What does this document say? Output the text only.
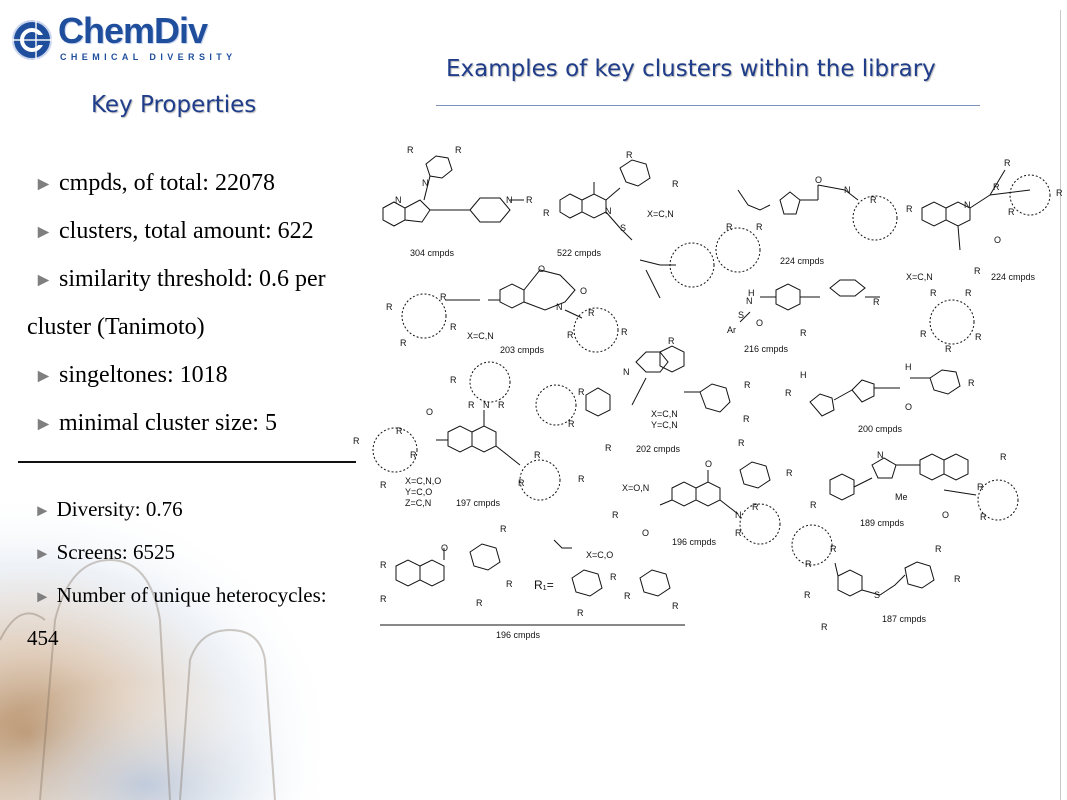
ChemDiv
CHEMICAL DIVERSITY
Key Properties
Examples of key clusters within the library
► cmpds, of total: 22078
► clusters, total amount: 622
► similarity threshold: 0.6 per
cluster (Tanimoto)
► singeltones: 1018
► minimal cluster size: 5
► Diversity: 0.76
► Screens: 6525
► Number of unique heterocycles:
454
R	R
N
N	N R
R
R
R	N
S	R	R
O
N
R
R
R
R
R
R
O
N
R
R	R
R	R
R
R
R
R
O
O
N
R
R
R
H
N
S
Ar
O
R
R
R
N
R
R
R
R
R
H
R
H
R
R
O
R
N R
R
O
R
R
R
R
R
R
R
O
R
R
R
O
N
R
R
N	R
R
Me
O
R
R
O
R
R	R
R
R
R
R
R
R
R
R
R
R
S
R
R
304 cmpds	522 cmpds
X=C,N
224 cmpds
224 cmpds
X=C,N
203 cmpds
X=C,N
216 cmpds
X=C,N
Y=C,N
202 cmpds
200 cmpds
X=C,N,O
Y=C,O
Z=C,N	197 cmpds
X=O,N
196 cmpds
189 cmpds
X=C,O
R₁=
196 cmpds
187 cmpds
